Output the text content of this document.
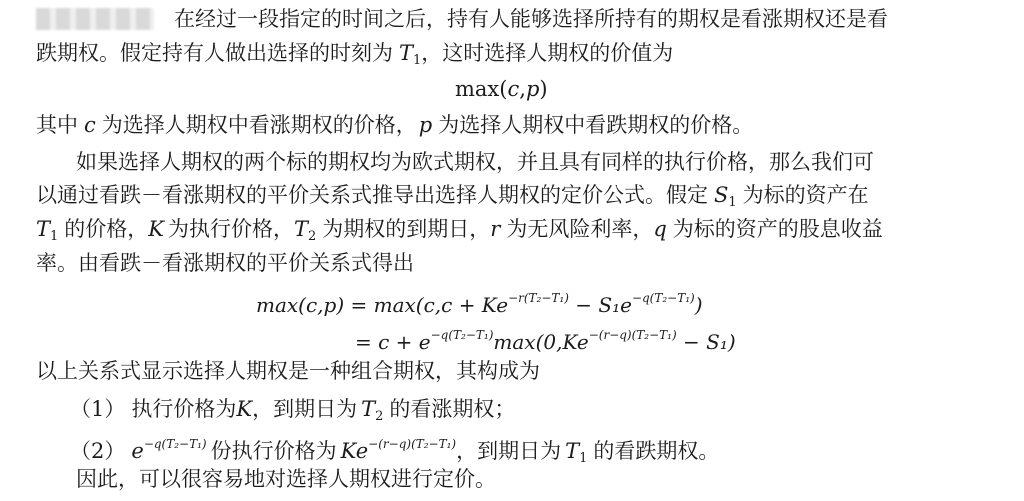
在经过一段指定的时间之后，持有人能够选择所持有的期权是看涨期权还是看
跌期权。假定持有人做出选择的时刻为 $T_1$，这时选择人期权的价值为
max(c,p)
其中 c 为选择人期权中看涨期权的价格，p 为选择人期权中看跌期权的价格。
如果选择人期权的两个标的期权均为欧式期权，并且具有同样的执行价格，那么我们可
以通过看跌－看涨期权的平价关系式推导出选择人期权的定价公式。假定 $S_1$ 为标的资产在
$T_1$ 的价格，K 为执行价格，$T_2$ 为期权的到期日，r 为无风险利率，q 为标的资产的股息收益
率。由看跌－看涨期权的平价关系式得出
$\max(c,p) = \max(c,c + Ke^{-r(T_2-T_1)} - S_1e^{-q(T_2-T_1)})$
= $c + e^{-q(T_2-T_1)}\max(0,Ke^{-(r-q)(T_2-T_1)} - S_1)$
以上关系式显示选择人期权是一种组合期权，其构成为
（1） 执行价格为K，到期日为 $T_2$ 的看涨期权；
（2） $e^{-q(T_2-T_1)}$ 份执行价格为 $Ke^{-(r-q)(T_2-T_1)}$，到期日为 $T_1$ 的看跌期权。
因此，可以很容易地对选择人期权进行定价。
